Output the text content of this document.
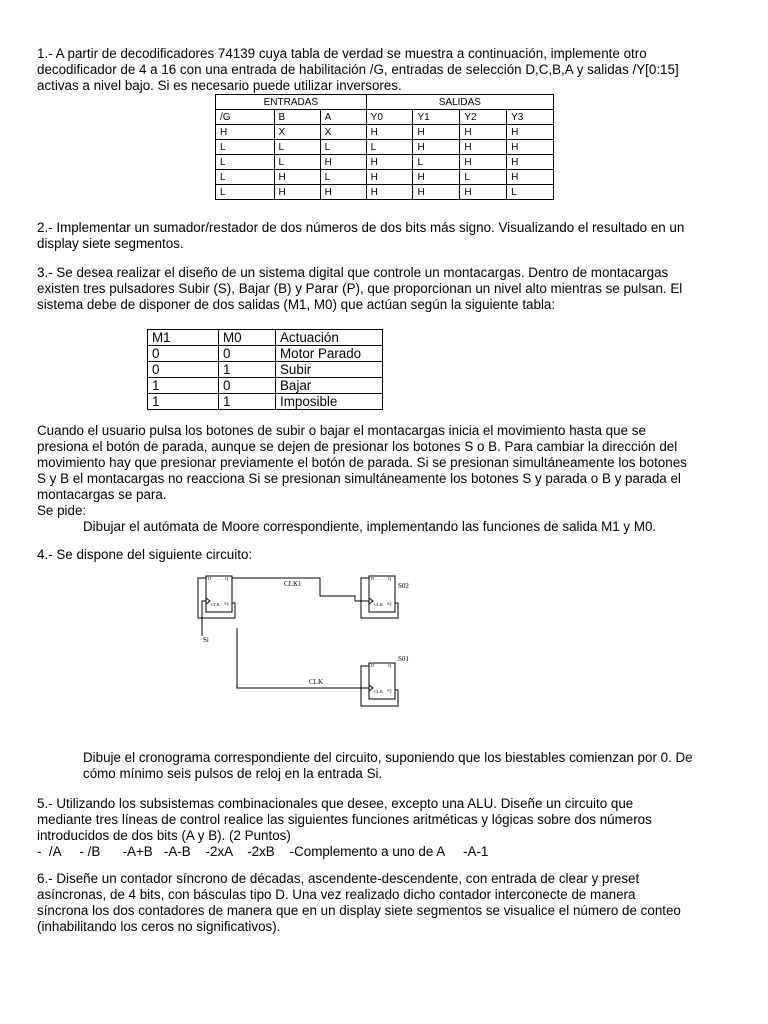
1.- A partir de decodificadores 74139 cuya tabla de verdad se muestra a continuación, implemente otro
decodificador de 4 a 16 con una entrada de habilitación /G, entradas de selección D,C,B,A y salidas /Y[0:15]
activas a nivel bajo. Si es necesario puede utilizar inversores.

ENTRADAS			SALIDAS			
/G	B	A	Y0	Y1	Y2	Y3
H	X	X	H	H	H	H
L	L	L	L	H	H	H
L	L	H	H	L	H	H
L	H	L	H	H	L	H
L	H	H	H	H	H	L

2.- Implementar un sumador/restador de dos números de dos bits más signo. Visualizando el resultado en un
display siete segmentos.

3.- Se desea realizar el diseño de un sistema digital que controle un montacargas. Dentro de montacargas
existen tres pulsadores Subir (S), Bajar (B) y Parar (P), que proporcionan un nivel alto mientras se pulsan. El
sistema debe de disponer de dos salidas (M1, M0) que actúan según la siguiente tabla:

M1	M0	Actuación
0	0	Motor Parado
0	1	Subir
1	0	Bajar
1	1	Imposible

Cuando el usuario pulsa los botones de subir o bajar el montacargas inicia el movimiento hasta que se
presiona el botón de parada, aunque se dejen de presionar los botones S o B. Para cambiar la dirección del
movimiento hay que presionar previamente el botón de parada. Si se presionan simultáneamente los botones
S y B el montacargas no reacciona Si se presionan simultáneamente los botones S y parada o B y parada el
montacargas se para.
Se pide:
Dibujar el autómata de Moore correspondiente, implementando las funciones de salida M1 y M0.

4.- Se dispone del siguiente circuito:

D	Q
CLK /Q
D	Q
CLK /Q
D	Q
CLK /Q
CLK1	S02
S01
CLK
Si

Dibuje el cronograma correspondiente del circuito, suponiendo que los biestables comienzan por 0. De
cómo mínimo seis pulsos de reloj en la entrada Si.

5.- Utilizando los subsistemas combinacionales que desee, excepto una ALU. Diseñe un circuito que
mediante tres líneas de control realice las siguientes funciones aritméticas y lógicas sobre dos números
introducidos de dos bits (A y B). (2 Puntos)
-  /A     - /B      -A+B   -A-B    -2xA    -2xB    -Complemento a uno de A     -A-1

6.- Diseñe un contador síncrono de décadas, ascendente-descendente, con entrada de clear y preset
asíncronas, de 4 bits, con básculas tipo D. Una vez realizado dicho contador interconecte de manera
síncrona los dos contadores de manera que en un display siete segmentos se visualice el número de conteo
(inhabilitando los ceros no significativos).
